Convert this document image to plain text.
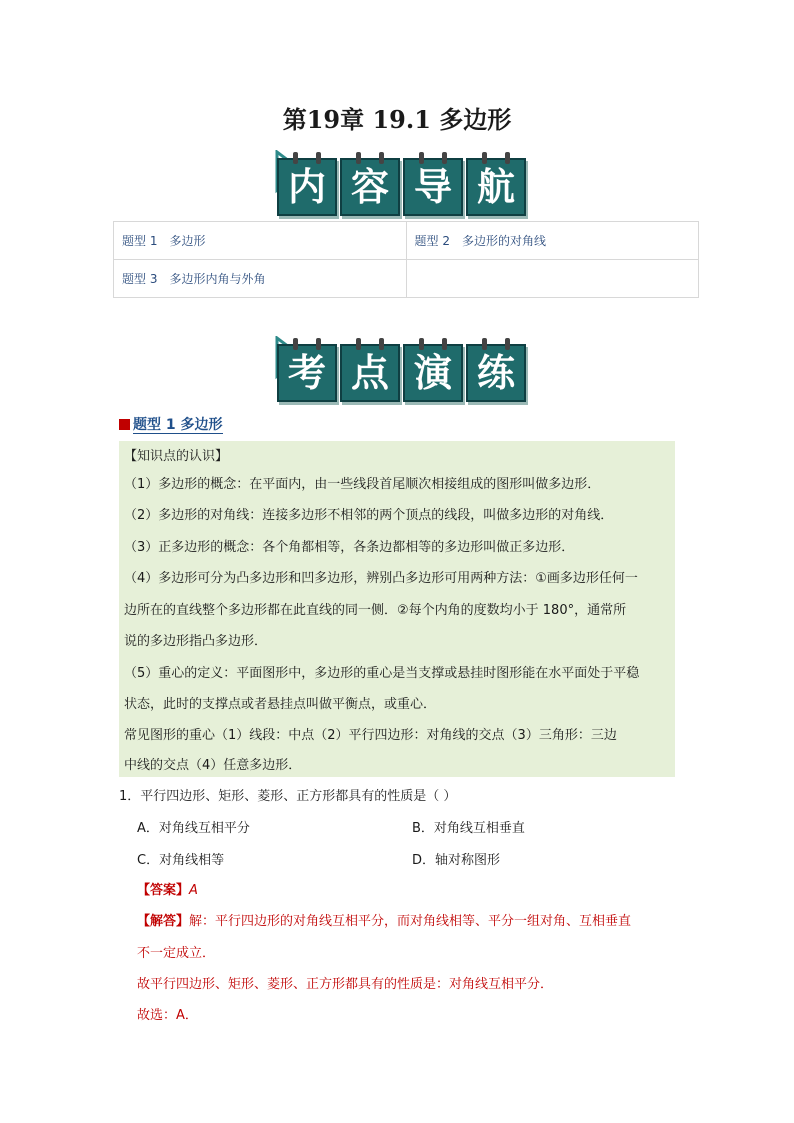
第19章 19.1 多边形
内 容 导 航
题型 1 多边形	题型 2 多边形的对角线
题型 3 多边形内角与外角	
考 点 演 练
题型 1 多边形
【知识点的认识】
（1）多边形的概念：在平面内，由一些线段首尾顺次相接组成的图形叫做多边形．
（2）多边形的对角线：连接多边形不相邻的两个顶点的线段，叫做多边形的对角线．
（3）正多边形的概念：各个角都相等，各条边都相等的多边形叫做正多边形．
（4）多边形可分为凸多边形和凹多边形，辨别凸多边形可用两种方法：①画多边形任何一
边所在的直线整个多边形都在此直线的同一侧．②每个内角的度数均小于 180°，通常所
说的多边形指凸多边形．
（5）重心的定义：平面图形中，多边形的重心是当支撑或悬挂时图形能在水平面处于平稳
状态，此时的支撑点或者悬挂点叫做平衡点，或重心．
常见图形的重心（1）线段：中点（2）平行四边形：对角线的交点（3）三角形：三边
中线的交点（4）任意多边形．
1．平行四边形、矩形、菱形、正方形都具有的性质是（ ）
A．对角线互相平分	B．对角线互相垂直
C．对角线相等	D．轴对称图形
【答案】A
【解答】解：平行四边形的对角线互相平分，而对角线相等、平分一组对角、互相垂直
不一定成立．
故平行四边形、矩形、菱形、正方形都具有的性质是：对角线互相平分．
故选：A．
